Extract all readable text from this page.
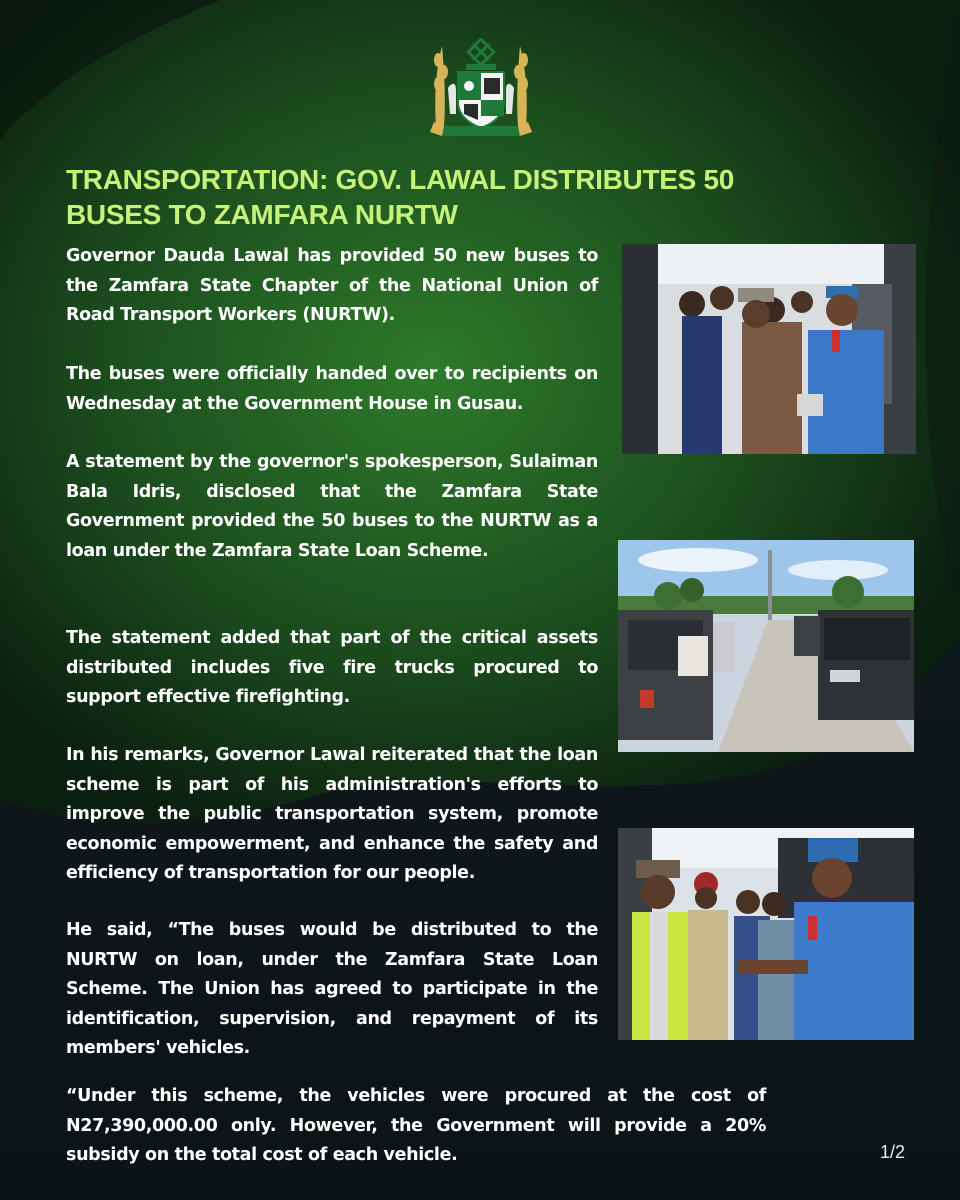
TRANSPORTATION: GOV. LAWAL DISTRIBUTES 50
BUSES TO ZAMFARA NURTW

Governor Dauda Lawal has provided 50 new buses to the Zamfara State Chapter of the National Union of Road Transport Workers (NURTW).

The buses were officially handed over to recipients on Wednesday at the Government House in Gusau.

A statement by the governor's spokesperson, Sulaiman Bala Idris, disclosed that the Zamfara State Government provided the 50 buses to the NURTW as a loan under the Zamfara State Loan Scheme.

The statement added that part of the critical assets distributed includes five fire trucks procured to support effective firefighting.

In his remarks, Governor Lawal reiterated that the loan scheme is part of his administration's efforts to improve the public transportation system, promote economic empowerment, and enhance the safety and efficiency of transportation for our people.

He said, “The buses would be distributed to the NURTW on loan, under the Zamfara State Loan Scheme. The Union has agreed to participate in the identification, supervision, and repayment of its members' vehicles.

“Under this scheme, the vehicles were procured at the cost of N27,390,000.00 only. However, the Government will provide a 20% subsidy on the total cost of each vehicle.	1/2
